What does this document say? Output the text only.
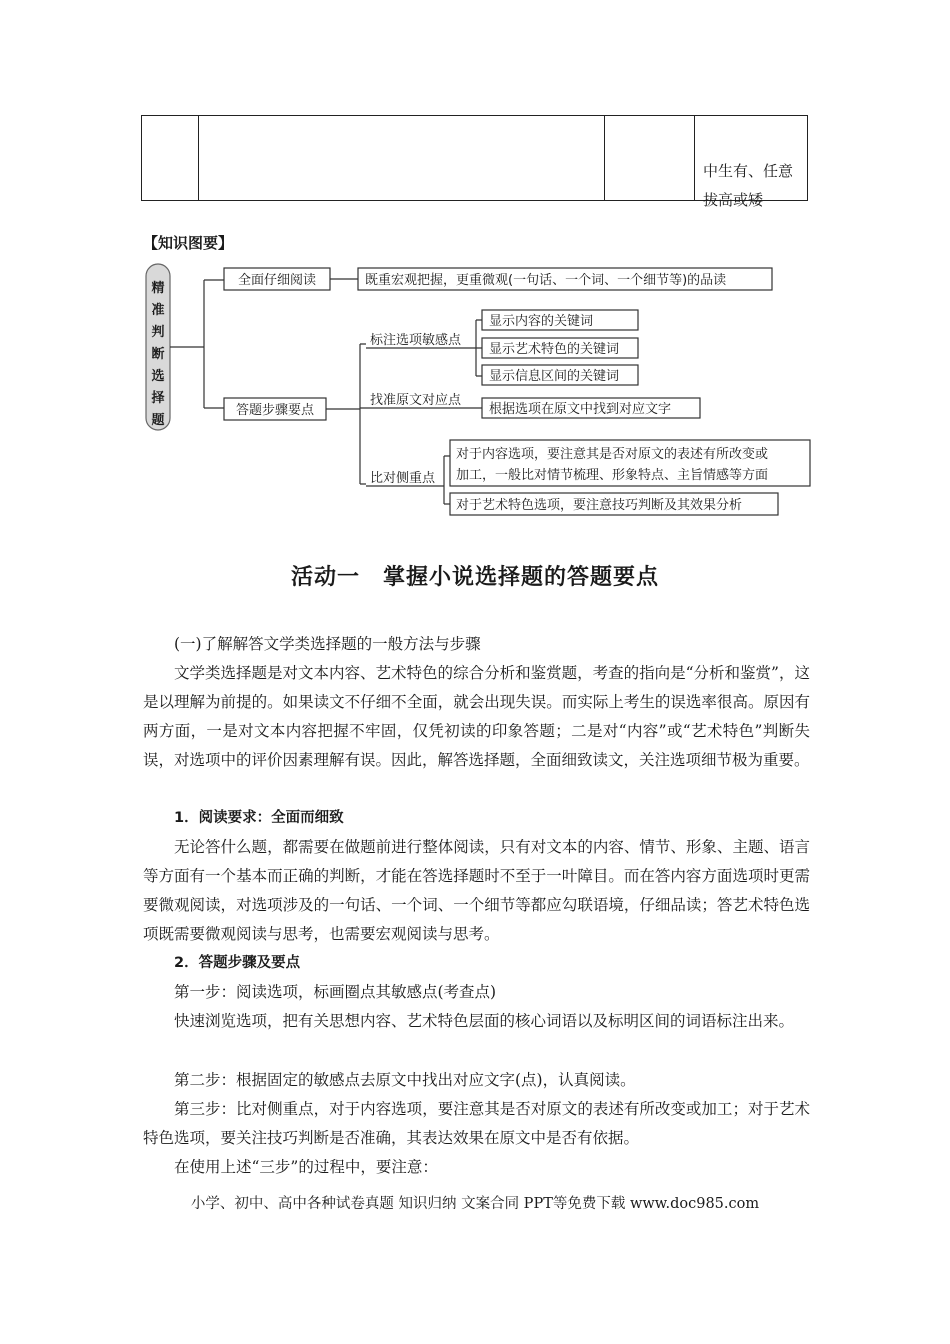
中生有、任意拔高或矮
【知识图要】
精准判断选择题
全面仔细阅读	既重宏观把握，更重微观(一句话、一个词、一个细节等)的品读
答题步骤要点
标注选项敏感点
显示内容的关键词
显示艺术特色的关键词
显示信息区间的关键词
找准原文对应点
根据选项在原文中找到对应文字
比对侧重点
对于内容选项，要注意其是否对原文的表述有所改变或
加工，一般比对情节梳理、形象特点、主旨情感等方面
对于艺术特色选项，要注意技巧判断及其效果分析
活动一　掌握小说选择题的答题要点
(一)了解解答文学类选择题的一般方法与步骤
文学类选择题是对文本内容、艺术特色的综合分析和鉴赏题，考查的指向是“分析和鉴赏”，这是以理解为前提的。如果读文不仔细不全面，就会出现失误。而实际上考生的误选率很高。原因有两方面，一是对文本内容把握不牢固，仅凭初读的印象答题；二是对“内容”或“艺术特色”判断失误，对选项中的评价因素理解有误。因此，解答选择题，全面细致读文，关注选项细节极为重要。
1．阅读要求：全面而细致
无论答什么题，都需要在做题前进行整体阅读，只有对文本的内容、情节、形象、主题、语言等方面有一个基本而正确的判断，才能在答选择题时不至于一叶障目。而在答内容方面选项时更需要微观阅读，对选项涉及的一句话、一个词、一个细节等都应勾联语境，仔细品读；答艺术特色选项既需要微观阅读与思考，也需要宏观阅读与思考。
2．答题步骤及要点
第一步：阅读选项，标画圈点其敏感点(考查点)
快速浏览选项，把有关思想内容、艺术特色层面的核心词语以及标明区间的词语标注出来。
第二步：根据固定的敏感点去原文中找出对应文字(点)，认真阅读。
第三步：比对侧重点，对于内容选项，要注意其是否对原文的表述有所改变或加工；对于艺术特色选项，要关注技巧判断是否准确，其表达效果在原文中是否有依据。
在使用上述“三步”的过程中，要注意：
小学、初中、高中各种试卷真题 知识归纳 文案合同 PPT等免费下载 www.doc985.com
